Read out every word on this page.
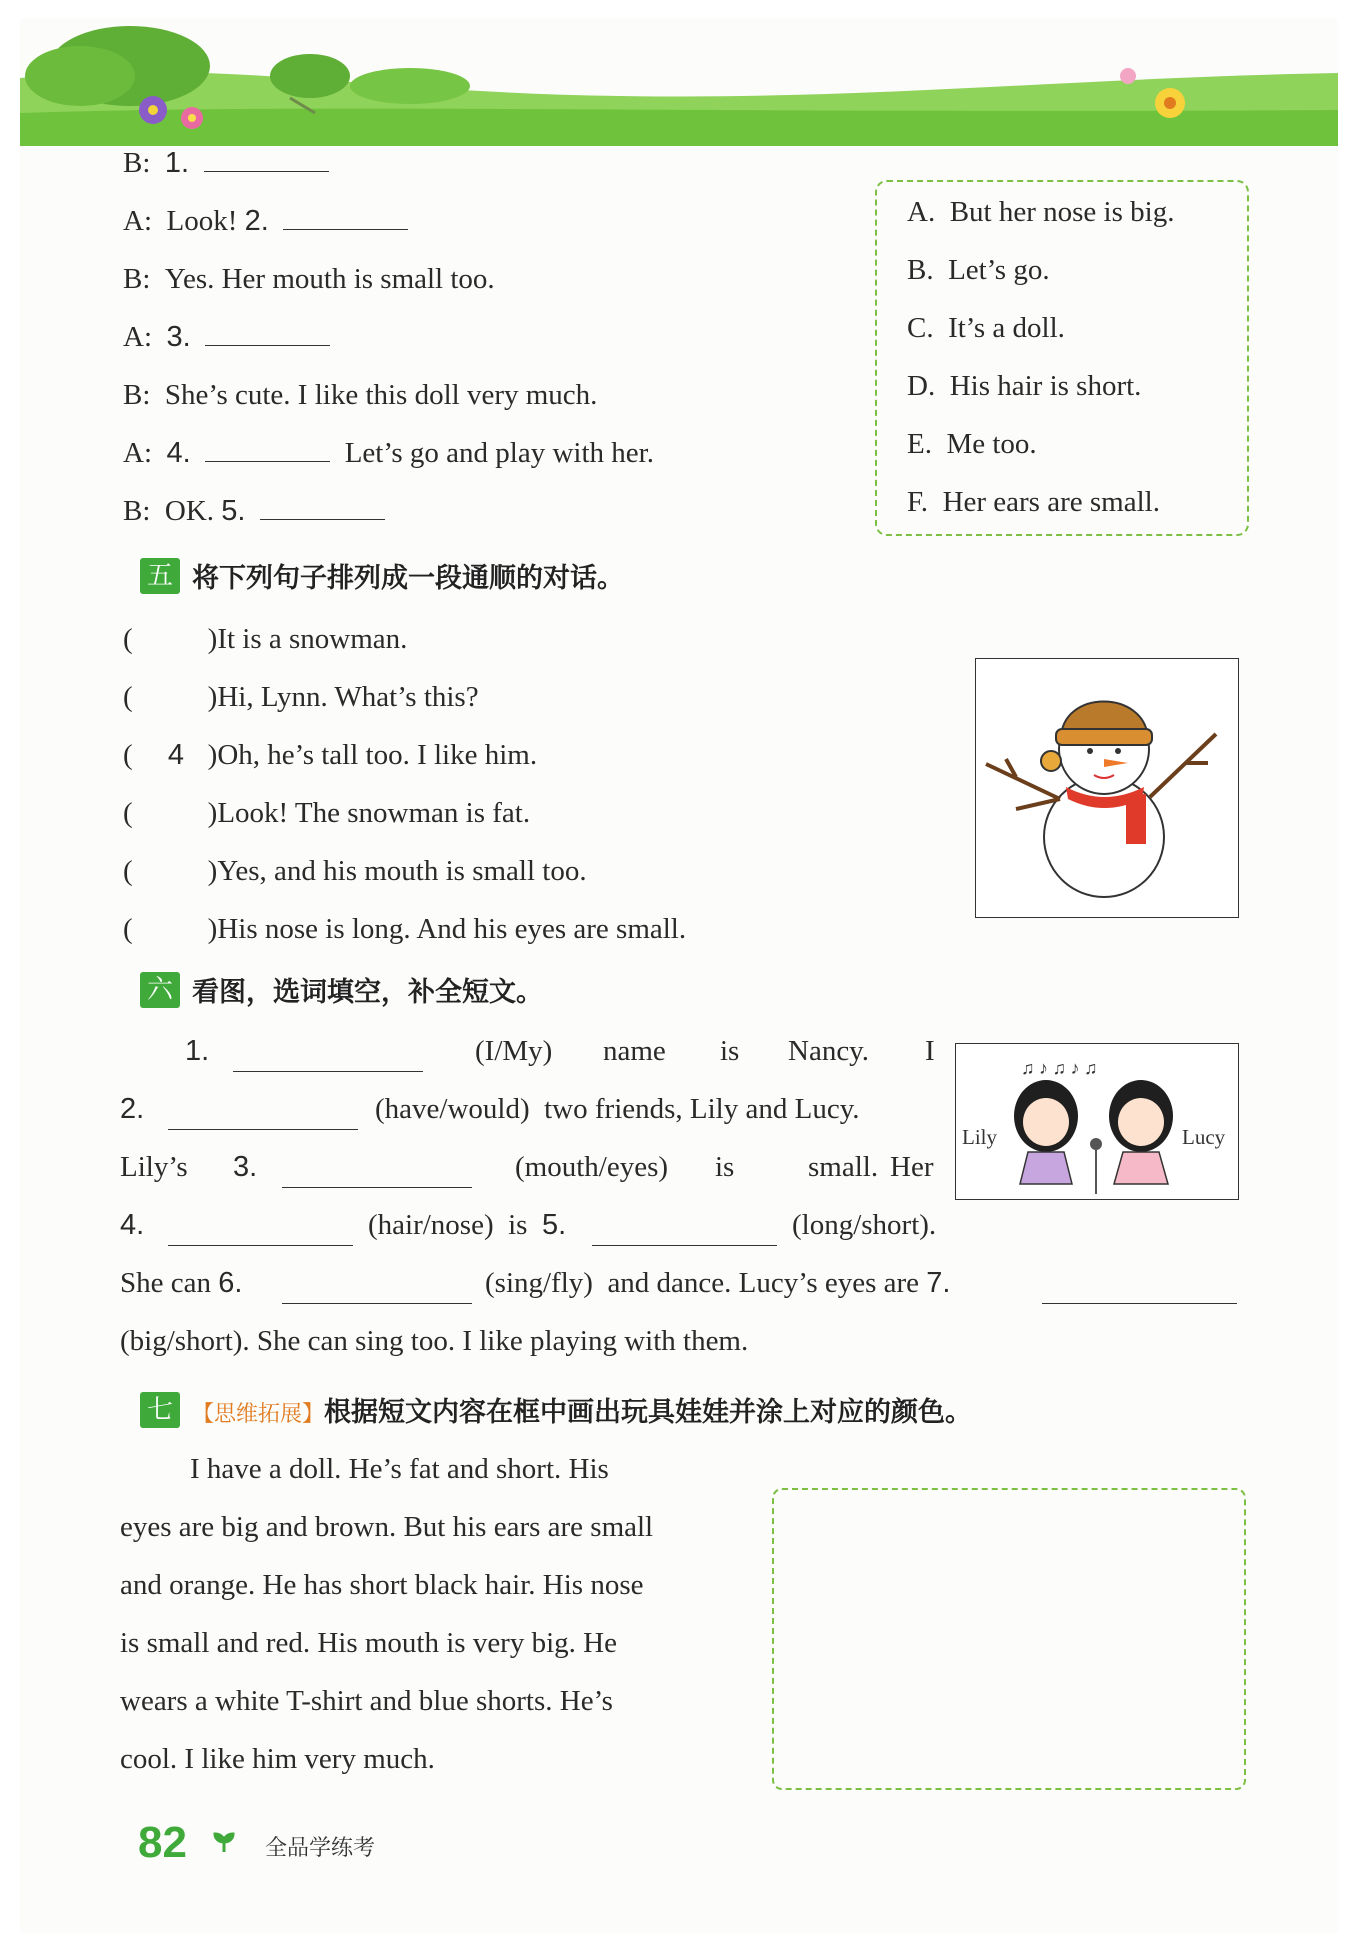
B: 1.
A: Look! 2.
B: Yes. Her mouth is small too.
A: 3.
B: She’s cute. I like this doll very much.
A: 4.	Let’s go and play with her.
B: OK. 5.
A. But her nose is big.
B. Let’s go.
C. It’s a doll.
D. His hair is short.
E. Me too.
F. Her ears are small.
五 将下列句子排列成一段通顺的对话。
(	)It is a snowman.
(	)Hi, Lynn. What’s this?
( 4 )Oh, he’s tall too. I like him.
(	)Look! The snowman is fat.
(	)Yes, and his mouth is small too.
(	)His nose is long. And his eyes are small.
六 看图，选词填空，补全短文。
1.	(I/My) name is Nancy. I
2.	(have/would) two friends, Lily and Lucy.
Lily’s 3.	(mouth/eyes) is	small. Her
4.	(hair/nose) is 5.	(long/short).
She can 6.	(sing/fly) and dance. Lucy’s eyes are 7.
(big/short). She can sing too. I like playing with them.
♫ ♪ ♫ ♪ ♫
Lily	Lucy
七 【思维拓展】根据短文内容在框中画出玩具娃娃并涂上对应的颜色。
I have a doll. He’s fat and short. His
eyes are big and brown. But his ears are small
and orange. He has short black hair. His nose
is small and red. His mouth is very big. He
wears a white T-shirt and blue shorts. He’s
cool. I like him very much.
82	全品学练考
